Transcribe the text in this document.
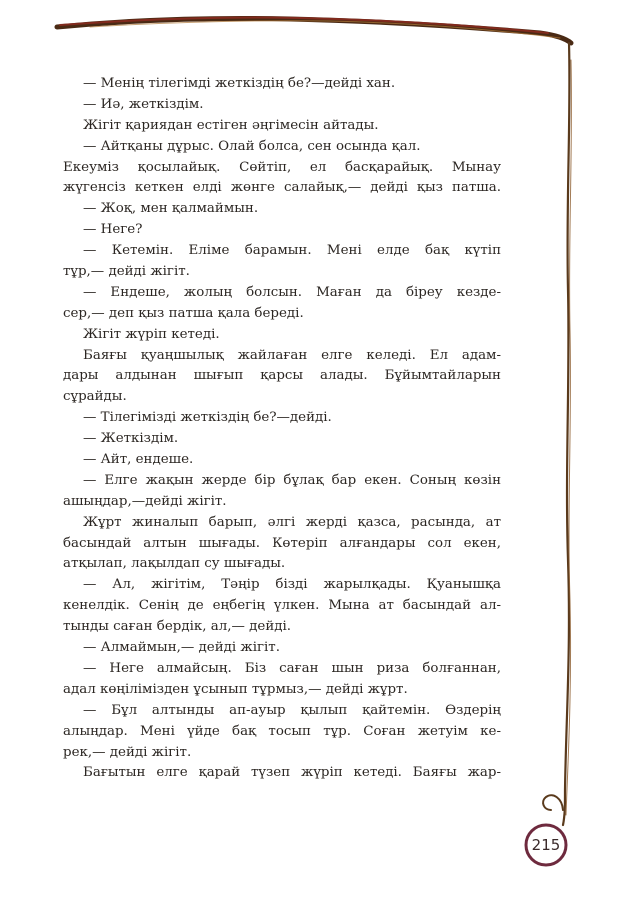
— Менің тілегімді жеткіздің бе?—дейді хан.

— Иә, жеткіздім.

Жігіт қариядан естіген әңгімесін айтады.

— Айтқаны дұрыс. Олай болса, сен осында қал.

Екеуміз қосылайық. Сөйтіп, ел басқарайық. Мынау

жүгенсіз кеткен елді жөнге салайық,— дейді қыз патша.

— Жоқ, мен қалмаймын.

— Неге?

— Кетемін. Еліме барамын. Мені елде бақ күтіп

тұр,— дейді жігіт.

— Ендеше, жолың болсын. Маған да біреу кезде-

сер,— деп қыз патша қала береді.

Жігіт жүріп кетеді.

Баяғы қуаңшылық жайлаған елге келеді. Ел адам-

дары алдынан шығып қарсы алады. Бұйымтайларын

сұрайды.

— Тілегімізді жеткіздің бе?—дейді.

— Жеткіздім.

— Айт, ендеше.

— Елге жақын жерде бір бұлақ бар екен. Соның көзін

ашыңдар,—дейді жігіт.

Жұрт жиналып барып, әлгі жерді қазса, расында, ат

басындай алтын шығады. Көтеріп алғандары сол екен,

атқылап, лақылдап су шығады.

— Ал, жігітім, Тәңір бізді жарылқады. Қуанышқа

кенелдік. Сенің де еңбегің үлкен. Мына ат басындай ал-

тынды саған бердік, ал,— дейді.

— Алмаймын,— дейді жігіт.

— Неге алмайсың. Біз саған шын риза болғаннан,

адал көңілімізден ұсынып тұрмыз,— дейді жұрт.

— Бұл алтынды ап-ауыр қылып қайтемін. Өздерің

алыңдар. Мені үйде бақ тосып тұр. Соған жетуім ке-

рек,— дейді жігіт.

Бағытын елге қарай түзеп жүріп кетеді. Баяғы жар-

215
